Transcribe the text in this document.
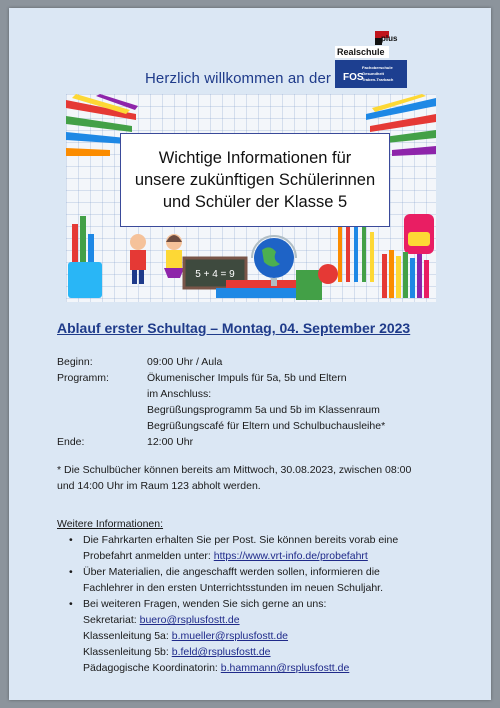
Herzlich willkommen an der
plus
Realschule
FOS
Fachoberschule
Gesundheit
Traben-Trarbach
5 + 4 = 9
Wichtige Informationen für
unsere zukünftigen Schülerinnen
und Schüler der Klasse 5
Ablauf erster Schultag – Montag, 04. September 2023
Beginn:	09:00 Uhr / Aula
Programm:	Ökumenischer Impuls für 5a, 5b und Eltern
im Anschluss:
Begrüßungsprogramm 5a und 5b im Klassenraum
Begrüßungscafé für Eltern und Schulbuchausleihe*
Ende:	12:00 Uhr
* Die Schulbücher können bereits am Mittwoch, 30.08.2023, zwischen 08:00
und 14:00 Uhr im Raum 123 abholt werden.
Weitere Informationen:
• Die Fahrkarten erhalten Sie per Post. Sie können bereits vorab eine
Probefahrt anmelden unter: https://www.vrt-info.de/probefahrt
• Über Materialien, die angeschafft werden sollen, informieren die
Fachlehrer in den ersten Unterrichtsstunden im neuen Schuljahr.
• Bei weiteren Fragen, wenden Sie sich gerne an uns:
Sekretariat: buero@rsplusfostt.de
Klassenleitung 5a: b.mueller@rsplusfostt.de
Klassenleitung 5b: b.feld@rsplusfostt.de
Pädagogische Koordinatorin: b.hammann@rsplusfostt.de
